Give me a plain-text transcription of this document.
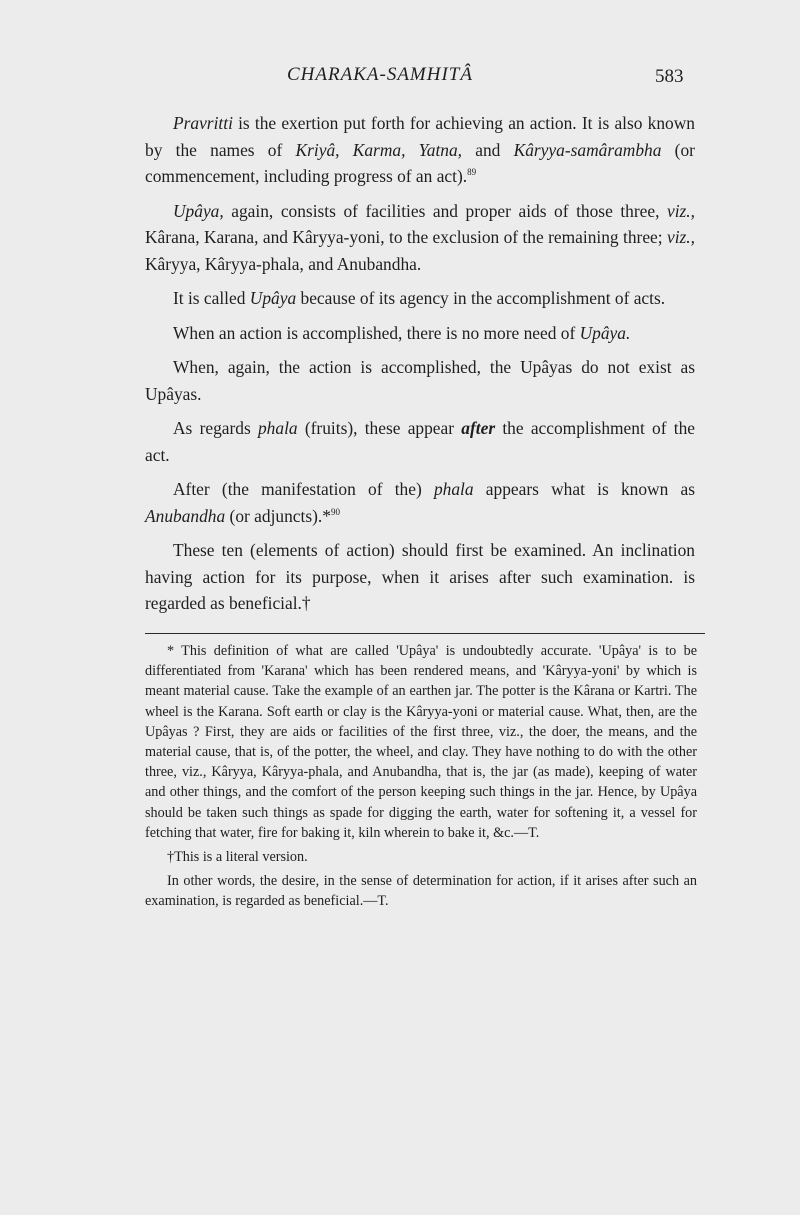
CHARAKA-SAMHITÂ	583

Pravritti is the exertion put forth for achieving an action. It is also known by the names of Kriyâ, Karma, Yatna, and Kâryya-samârambha (or commencement, including progress of an act).$^{89}$

Upâya, again, consists of facilities and proper aids of those three, viz., Kârana, Karana, and Kâryya-yoni, to the exclusion of the remaining three; viz., Kâryya, Kâryya-phala, and Anubandha.

It is called Upâya because of its agency in the accomplishment of acts.

When an action is accomplished, there is no more need of Upâya.

When, again, the action is accomplished, the Upâyas do not exist as Upâyas.

As regards phala (fruits), these appear after the accomplishment of the act.

After (the manifestation of the) phala appears what is known as Anubandha (or adjuncts).*$^{90}$

These ten (elements of action) should first be examined. An inclination having action for its purpose, when it arises after such examination. is regarded as beneficial.†

* This definition of what are called 'Upâya' is undoubtedly accurate. 'Upâya' is to be differentiated from 'Karana' which has been rendered means, and 'Kâryya-yoni' by which is meant material cause. Take the example of an earthen jar. The potter is the Kârana or Kartri. The wheel is the Karana. Soft earth or clay is the Kâryya-yoni or material cause. What, then, are the Upâyas ? First, they are aids or facilities of the first three, viz., the doer, the means, and the material cause, that is, of the potter, the wheel, and clay. They have nothing to do with the other three, viz., Kâryya, Kâryya-phala, and Anubandha, that is, the jar (as made), keeping of water and other things, and the comfort of the person keeping such things in the jar. Hence, by Upâya should be taken such things as spade for digging the earth, water for softening it, a vessel for fetching that water, fire for baking it, kiln wherein to bake it, &c.—T.

†This is a literal version.

In other words, the desire, in the sense of determination for action, if it arises after such an examination, is regarded as beneficial.—T.
